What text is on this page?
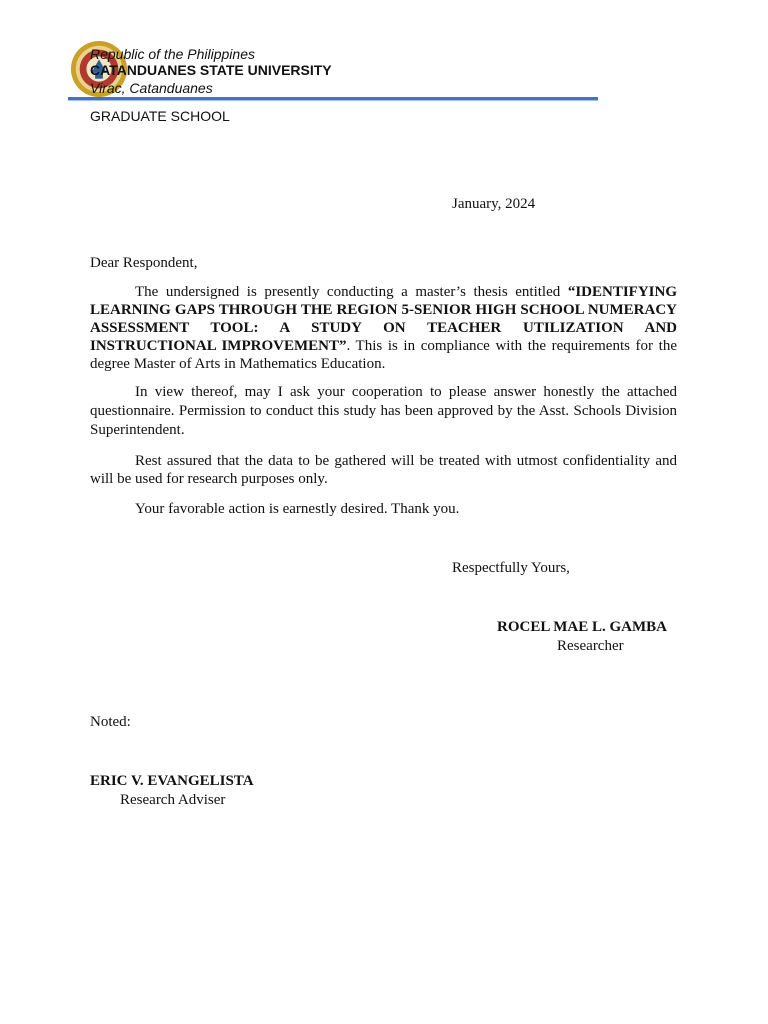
Republic of the Philippines
CATANDUANES STATE UNIVERSITY
Virac, Catanduanes
GRADUATE SCHOOL
January, 2024
Dear Respondent,
The undersigned is presently conducting a master’s thesis entitled “IDENTIFYING LEARNING GAPS THROUGH THE REGION 5-SENIOR HIGH SCHOOL NUMERACY ASSESSMENT TOOL: A STUDY ON TEACHER UTILIZATION AND INSTRUCTIONAL IMPROVEMENT”. This is in compliance with the requirements for the degree Master of Arts in Mathematics Education.
In view thereof, may I ask your cooperation to please answer honestly the attached questionnaire. Permission to conduct this study has been approved by the Asst. Schools Division Superintendent.
Rest assured that the data to be gathered will be treated with utmost confidentiality and will be used for research purposes only.
Your favorable action is earnestly desired. Thank you.
Respectfully Yours,
ROCEL MAE L. GAMBA
Researcher
Noted:
ERIC V. EVANGELISTA
Research Adviser
